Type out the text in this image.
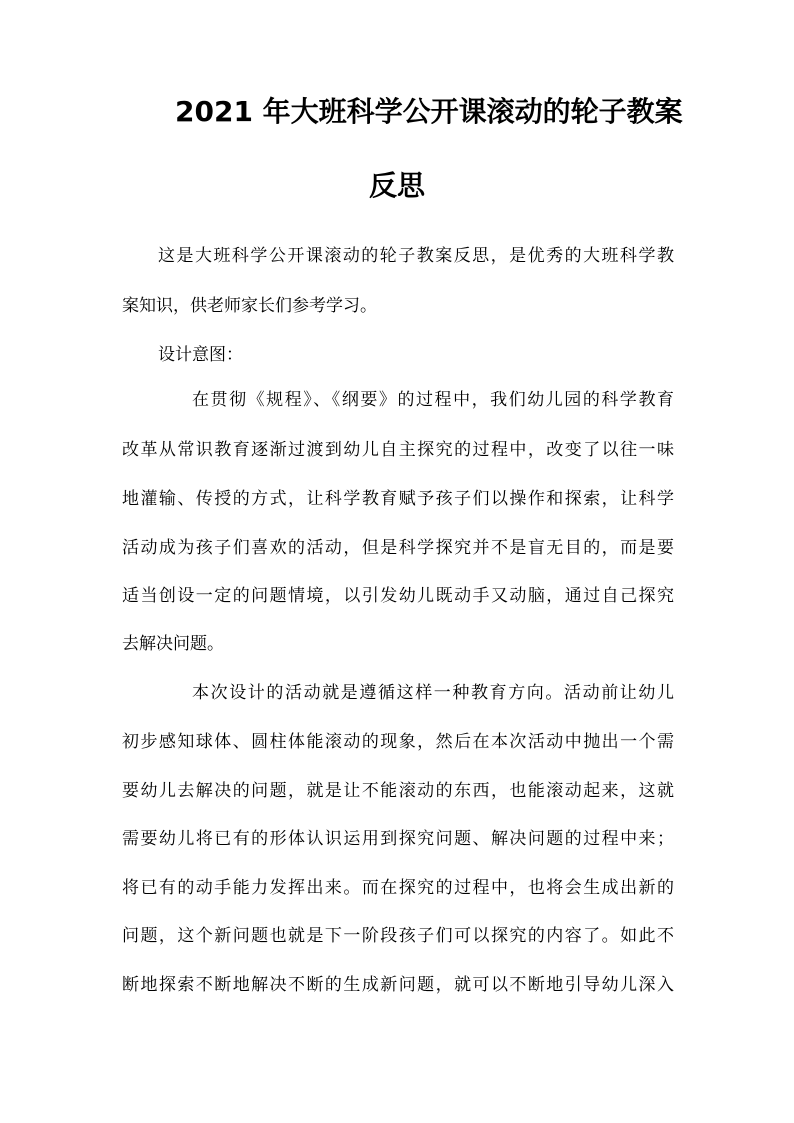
2021 年大班科学公开课滚动的轮子教案
反思
这是大班科学公开课滚动的轮子教案反思，是优秀的大班科学教
案知识，供老师家长们参考学习。
设计意图：
在贯彻《规程》、《纲要》的过程中，我们幼儿园的科学教育
改革从常识教育逐渐过渡到幼儿自主探究的过程中，改变了以往一味
地灌输、传授的方式，让科学教育赋予孩子们以操作和探索，让科学
活动成为孩子们喜欢的活动，但是科学探究并不是盲无目的，而是要
适当创设一定的问题情境，以引发幼儿既动手又动脑，通过自己探究
去解决问题。
本次设计的活动就是遵循这样一种教育方向。活动前让幼儿
初步感知球体、圆柱体能滚动的现象，然后在本次活动中抛出一个需
要幼儿去解决的问题，就是让不能滚动的东西，也能滚动起来，这就
需要幼儿将已有的形体认识运用到探究问题、解决问题的过程中来；
将已有的动手能力发挥出来。而在探究的过程中，也将会生成出新的
问题，这个新问题也就是下一阶段孩子们可以探究的内容了。如此不
断地探索不断地解决不断的生成新问题，就可以不断地引导幼儿深入
